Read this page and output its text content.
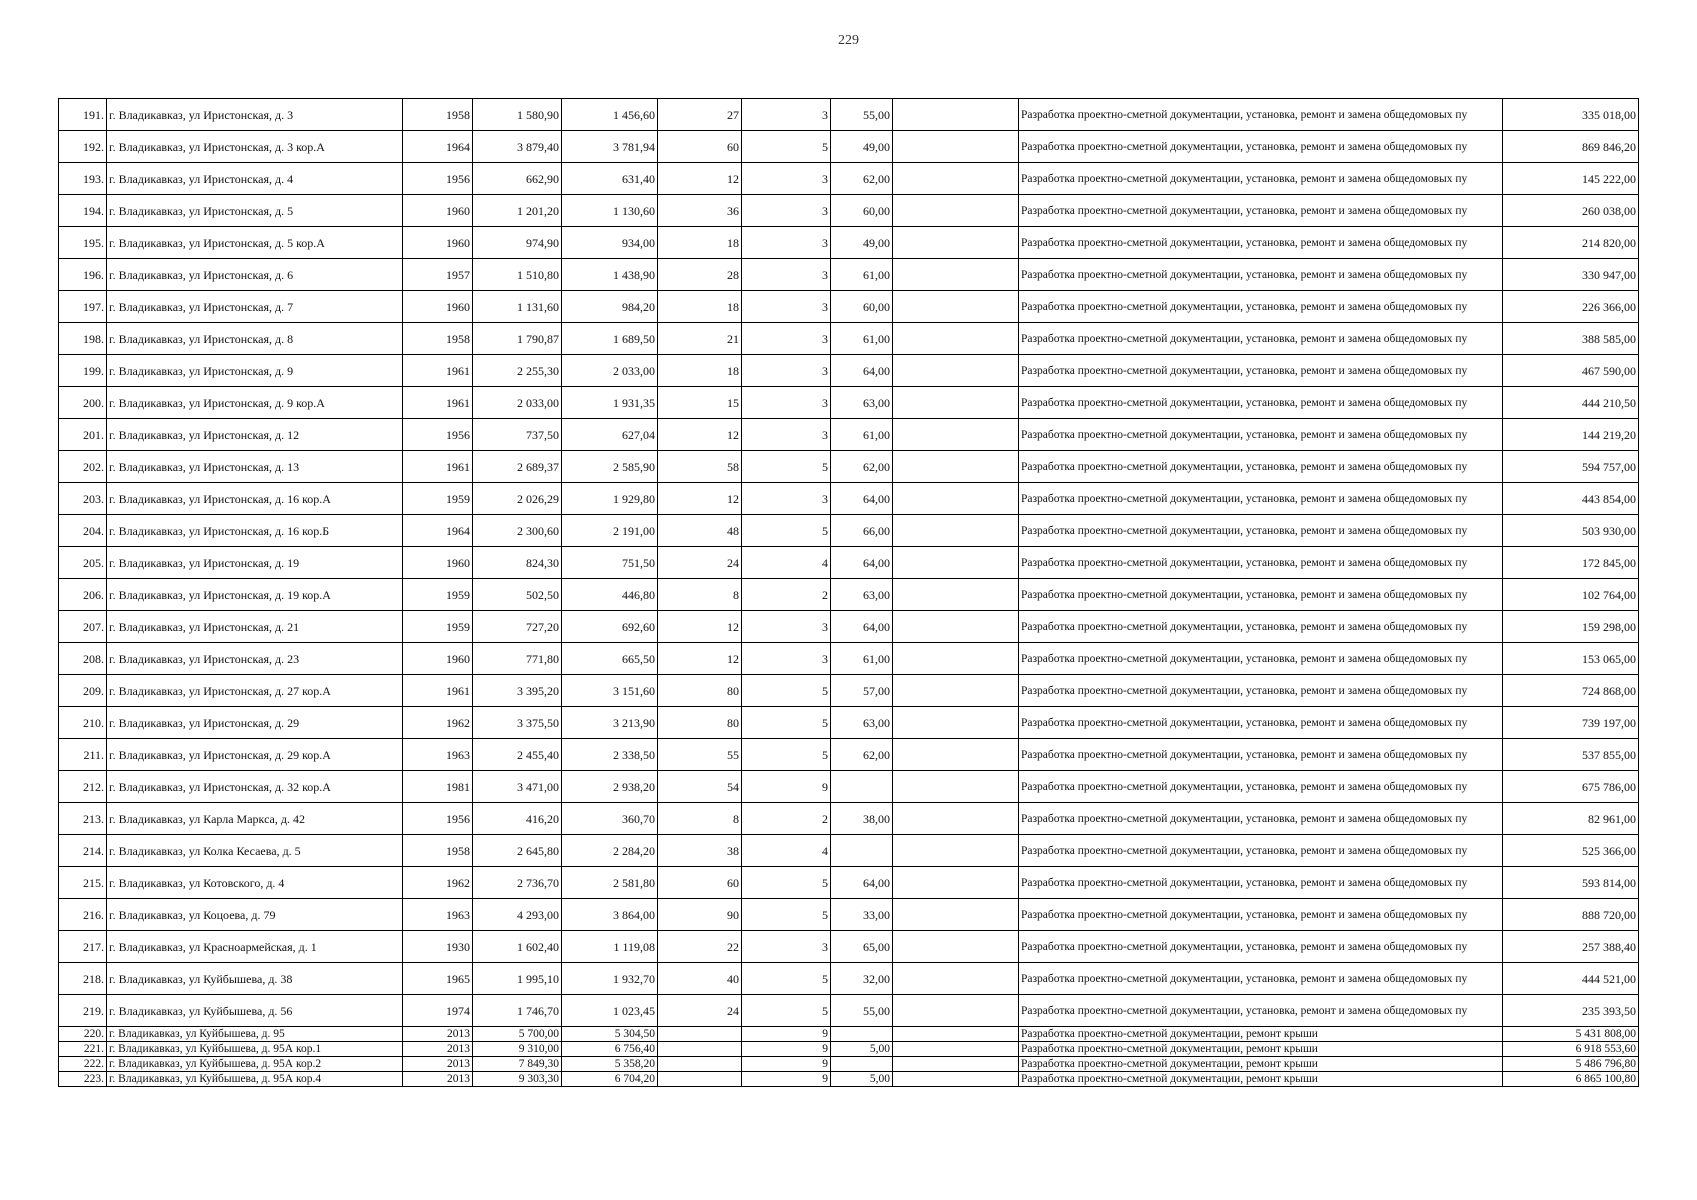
229
191.	г. Владикавказ, ул Иристонская, д. 3	1958	1 580,90	1 456,60	27	3	55,00		Разработка проектно-сметной документации, установка, ремонт и замена общедомовых пу	335 018,00
192.	г. Владикавказ, ул Иристонская, д. 3 кор.А	1964	3 879,40	3 781,94	60	5	49,00		Разработка проектно-сметной документации, установка, ремонт и замена общедомовых пу	869 846,20
193.	г. Владикавказ, ул Иристонская, д. 4	1956	662,90	631,40	12	3	62,00		Разработка проектно-сметной документации, установка, ремонт и замена общедомовых пу	145 222,00
194.	г. Владикавказ, ул Иристонская, д. 5	1960	1 201,20	1 130,60	36	3	60,00		Разработка проектно-сметной документации, установка, ремонт и замена общедомовых пу	260 038,00
195.	г. Владикавказ, ул Иристонская, д. 5 кор.А	1960	974,90	934,00	18	3	49,00		Разработка проектно-сметной документации, установка, ремонт и замена общедомовых пу	214 820,00
196.	г. Владикавказ, ул Иристонская, д. 6	1957	1 510,80	1 438,90	28	3	61,00		Разработка проектно-сметной документации, установка, ремонт и замена общедомовых пу	330 947,00
197.	г. Владикавказ, ул Иристонская, д. 7	1960	1 131,60	984,20	18	3	60,00		Разработка проектно-сметной документации, установка, ремонт и замена общедомовых пу	226 366,00
198.	г. Владикавказ, ул Иристонская, д. 8	1958	1 790,87	1 689,50	21	3	61,00		Разработка проектно-сметной документации, установка, ремонт и замена общедомовых пу	388 585,00
199.	г. Владикавказ, ул Иристонская, д. 9	1961	2 255,30	2 033,00	18	3	64,00		Разработка проектно-сметной документации, установка, ремонт и замена общедомовых пу	467 590,00
200.	г. Владикавказ, ул Иристонская, д. 9 кор.А	1961	2 033,00	1 931,35	15	3	63,00		Разработка проектно-сметной документации, установка, ремонт и замена общедомовых пу	444 210,50
201.	г. Владикавказ, ул Иристонская, д. 12	1956	737,50	627,04	12	3	61,00		Разработка проектно-сметной документации, установка, ремонт и замена общедомовых пу	144 219,20
202.	г. Владикавказ, ул Иристонская, д. 13	1961	2 689,37	2 585,90	58	5	62,00		Разработка проектно-сметной документации, установка, ремонт и замена общедомовых пу	594 757,00
203.	г. Владикавказ, ул Иристонская, д. 16 кор.А	1959	2 026,29	1 929,80	12	3	64,00		Разработка проектно-сметной документации, установка, ремонт и замена общедомовых пу	443 854,00
204.	г. Владикавказ, ул Иристонская, д. 16 кор.Б	1964	2 300,60	2 191,00	48	5	66,00		Разработка проектно-сметной документации, установка, ремонт и замена общедомовых пу	503 930,00
205.	г. Владикавказ, ул Иристонская, д. 19	1960	824,30	751,50	24	4	64,00		Разработка проектно-сметной документации, установка, ремонт и замена общедомовых пу	172 845,00
206.	г. Владикавказ, ул Иристонская, д. 19 кор.А	1959	502,50	446,80	8	2	63,00		Разработка проектно-сметной документации, установка, ремонт и замена общедомовых пу	102 764,00
207.	г. Владикавказ, ул Иристонская, д. 21	1959	727,20	692,60	12	3	64,00		Разработка проектно-сметной документации, установка, ремонт и замена общедомовых пу	159 298,00
208.	г. Владикавказ, ул Иристонская, д. 23	1960	771,80	665,50	12	3	61,00		Разработка проектно-сметной документации, установка, ремонт и замена общедомовых пу	153 065,00
209.	г. Владикавказ, ул Иристонская, д. 27 кор.А	1961	3 395,20	3 151,60	80	5	57,00		Разработка проектно-сметной документации, установка, ремонт и замена общедомовых пу	724 868,00
210.	г. Владикавказ, ул Иристонская, д. 29	1962	3 375,50	3 213,90	80	5	63,00		Разработка проектно-сметной документации, установка, ремонт и замена общедомовых пу	739 197,00
211.	г. Владикавказ, ул Иристонская, д. 29 кор.А	1963	2 455,40	2 338,50	55	5	62,00		Разработка проектно-сметной документации, установка, ремонт и замена общедомовых пу	537 855,00
212.	г. Владикавказ, ул Иристонская, д. 32 кор.А	1981	3 471,00	2 938,20	54	9			Разработка проектно-сметной документации, установка, ремонт и замена общедомовых пу	675 786,00
213.	г. Владикавказ, ул Карла Маркса, д. 42	1956	416,20	360,70	8	2	38,00		Разработка проектно-сметной документации, установка, ремонт и замена общедомовых пу	82 961,00
214.	г. Владикавказ, ул Колка Кесаева, д. 5	1958	2 645,80	2 284,20	38	4			Разработка проектно-сметной документации, установка, ремонт и замена общедомовых пу	525 366,00
215.	г. Владикавказ, ул Котовского, д. 4	1962	2 736,70	2 581,80	60	5	64,00		Разработка проектно-сметной документации, установка, ремонт и замена общедомовых пу	593 814,00
216.	г. Владикавказ, ул Коцоева, д. 79	1963	4 293,00	3 864,00	90	5	33,00		Разработка проектно-сметной документации, установка, ремонт и замена общедомовых пу	888 720,00
217.	г. Владикавказ, ул Красноармейская, д. 1	1930	1 602,40	1 119,08	22	3	65,00		Разработка проектно-сметной документации, установка, ремонт и замена общедомовых пу	257 388,40
218.	г. Владикавказ, ул Куйбышева, д. 38	1965	1 995,10	1 932,70	40	5	32,00		Разработка проектно-сметной документации, установка, ремонт и замена общедомовых пу	444 521,00
219.	г. Владикавказ, ул Куйбышева, д. 56	1974	1 746,70	1 023,45	24	5	55,00		Разработка проектно-сметной документации, установка, ремонт и замена общедомовых пу	235 393,50
220.	г. Владикавказ, ул Куйбышева, д. 95	2013	5 700,00	5 304,50		9			Разработка проектно-сметной документации, ремонт крыши	5 431 808,00
221.	г. Владикавказ, ул Куйбышева, д. 95А кор.1	2013	9 310,00	6 756,40		9	5,00		Разработка проектно-сметной документации, ремонт крыши	6 918 553,60
222.	г. Владикавказ, ул Куйбышева, д. 95А кор.2	2013	7 849,30	5 358,20		9			Разработка проектно-сметной документации, ремонт крыши	5 486 796,80
223.	г. Владикавказ, ул Куйбышева, д. 95А кор.4	2013	9 303,30	6 704,20		9	5,00		Разработка проектно-сметной документации, ремонт крыши	6 865 100,80
